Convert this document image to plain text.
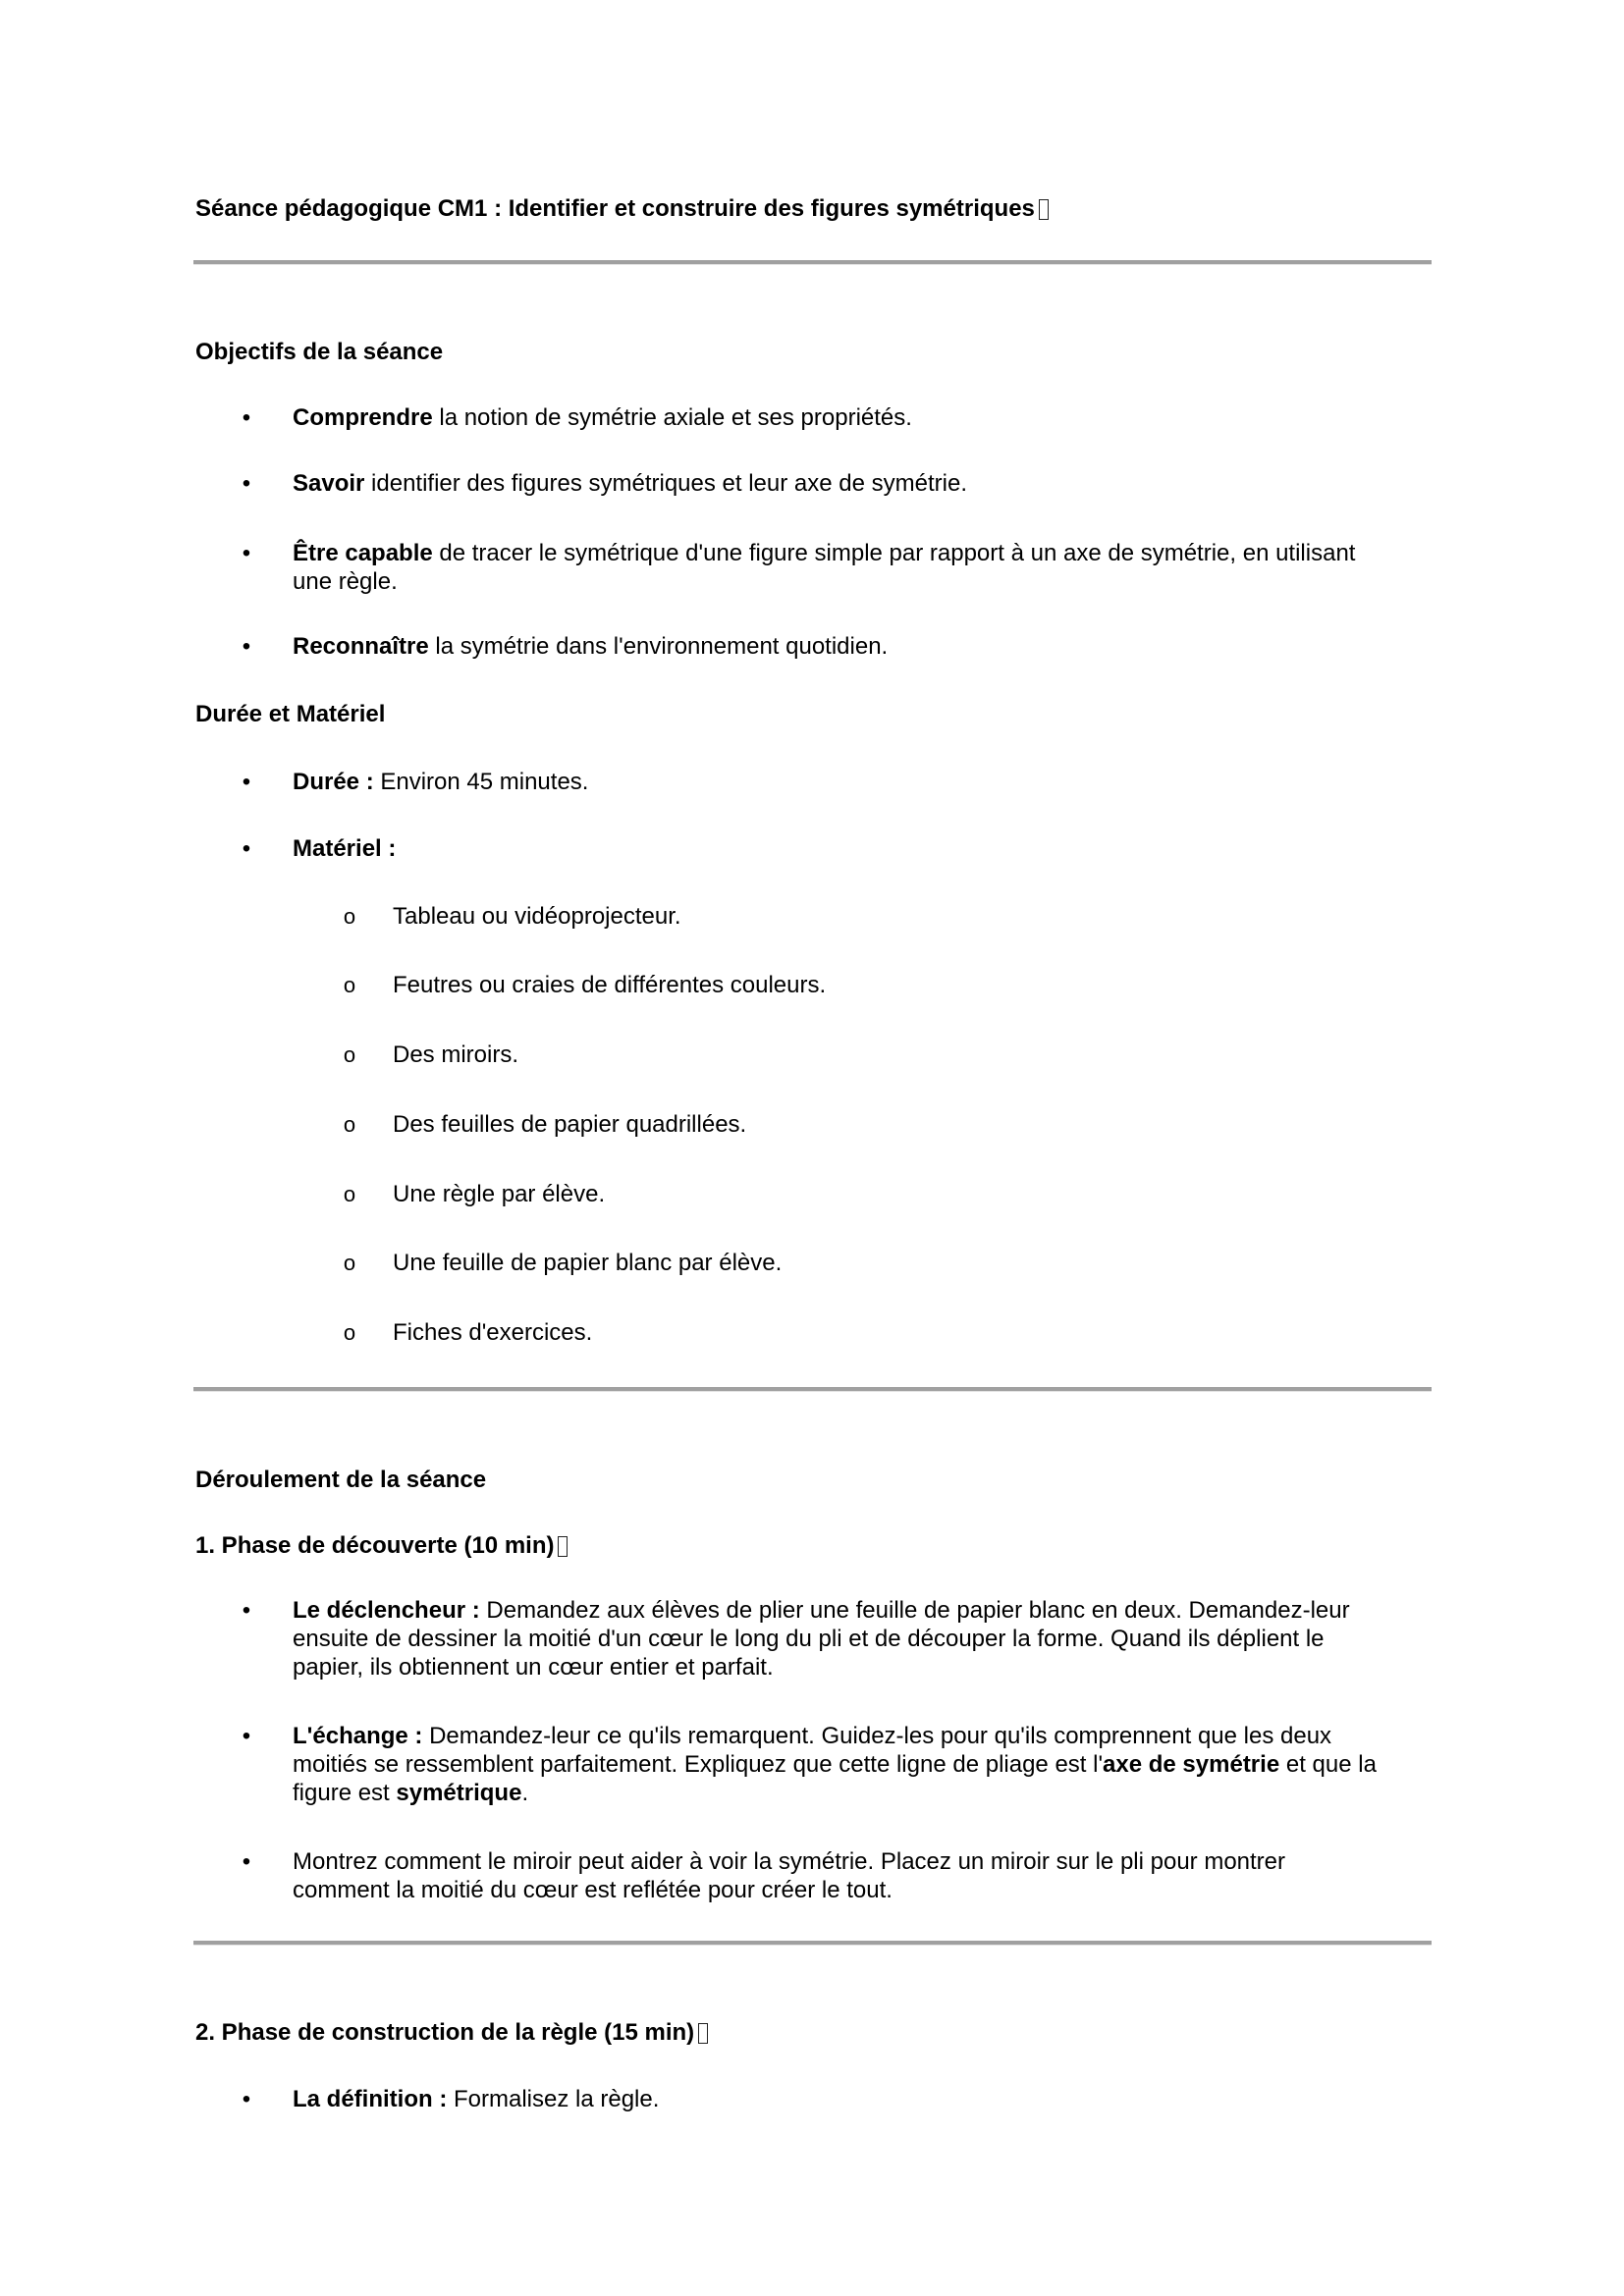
Séance pédagogique CM1 : Identifier et construire des figures symétriques
Objectifs de la séance
• Comprendre la notion de symétrie axiale et ses propriétés.
• Savoir identifier des figures symétriques et leur axe de symétrie.
• Être capable de tracer le symétrique d'une figure simple par rapport à un axe de symétrie, en utilisant
une règle.
• Reconnaître la symétrie dans l'environnement quotidien.
Durée et Matériel
• Durée : Environ 45 minutes.
• Matériel :
o Tableau ou vidéoprojecteur.
o Feutres ou craies de différentes couleurs.
o Des miroirs.
o Des feuilles de papier quadrillées.
o Une règle par élève.
o Une feuille de papier blanc par élève.
o Fiches d'exercices.
Déroulement de la séance
1. Phase de découverte (10 min)
• Le déclencheur : Demandez aux élèves de plier une feuille de papier blanc en deux. Demandez-leur
ensuite de dessiner la moitié d'un cœur le long du pli et de découper la forme. Quand ils déplient le
papier, ils obtiennent un cœur entier et parfait.
• L'échange : Demandez-leur ce qu'ils remarquent. Guidez-les pour qu'ils comprennent que les deux
moitiés se ressemblent parfaitement. Expliquez que cette ligne de pliage est l'axe de symétrie et que la
figure est symétrique.
• Montrez comment le miroir peut aider à voir la symétrie. Placez un miroir sur le pli pour montrer
comment la moitié du cœur est reflétée pour créer le tout.
2. Phase de construction de la règle (15 min)
• La définition : Formalisez la règle.
